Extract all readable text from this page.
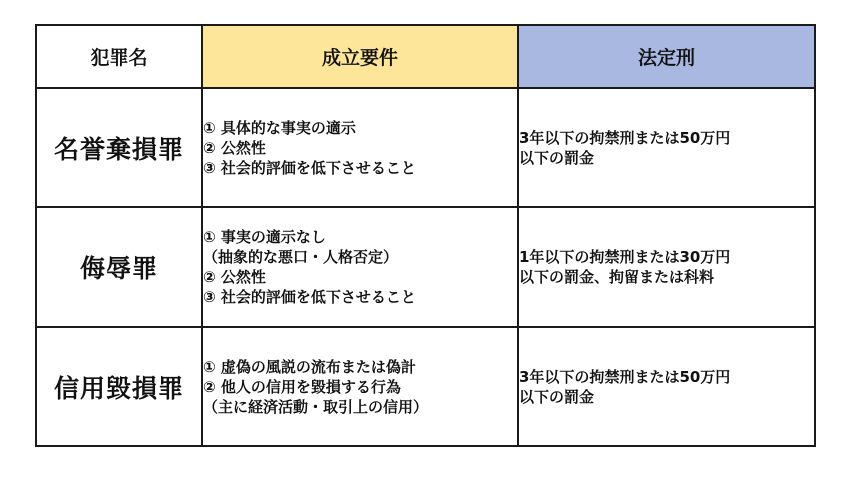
犯罪名	成立要件	法定刑
名誉棄損罪	① 具体的な事実の適示
② 公然性
③ 社会的評価を低下させること	3年以下の拘禁刑または50万円
以下の罰金

侮辱罪	① 事実の適示なし
（抽象的な悪口・人格否定）
② 公然性
③ 社会的評価を低下させること	1年以下の拘禁刑または30万円
以下の罰金、拘留または科料

信用毀損罪	① 虚偽の風説の流布または偽計
② 他人の信用を毀損する行為
（主に経済活動・取引上の信用）	3年以下の拘禁刑または50万円
以下の罰金
